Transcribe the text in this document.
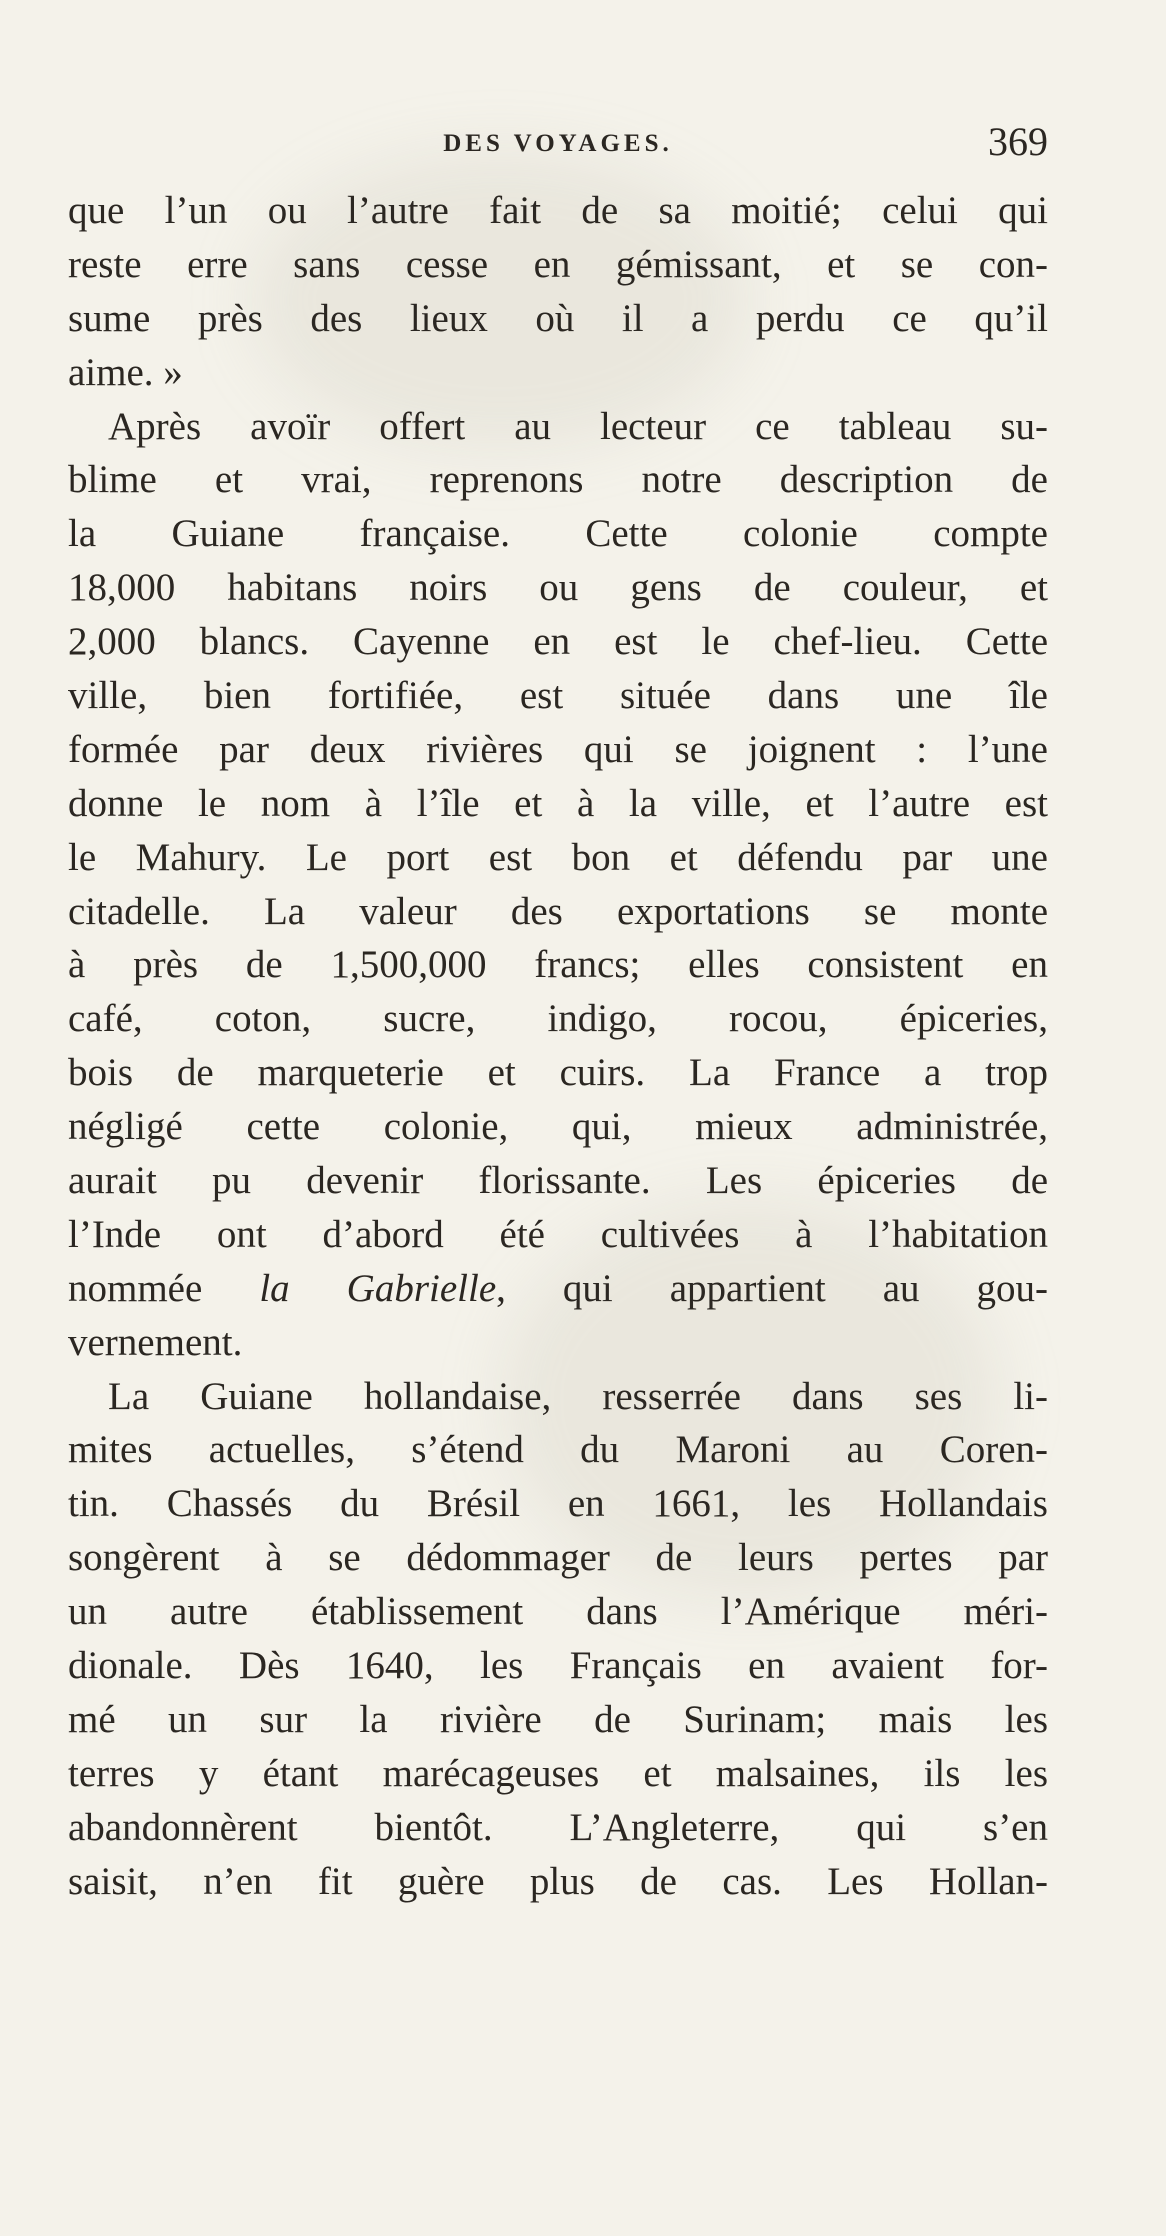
DES VOYAGES.	369
que l’un ou l’autre fait de sa moitié; celui qui
reste erre sans cesse en gémissant, et se con-
sume près des lieux où il a perdu ce qu’il
aime. »
Après avoïr offert au lecteur ce tableau su-
blime et vrai, reprenons notre description de
la Guiane française. Cette colonie compte
18,000 habitans noirs ou gens de couleur, et
2,000 blancs. Cayenne en est le chef-lieu. Cette
ville, bien fortifiée, est située dans une île
formée par deux rivières qui se joignent : l’une
donne le nom à l’île et à la ville, et l’autre est
le Mahury. Le port est bon et défendu par une
citadelle. La valeur des exportations se monte
à près de 1,500,000 francs; elles consistent en
café, coton, sucre, indigo, rocou, épiceries,
bois de marqueterie et cuirs. La France a trop
négligé cette colonie, qui, mieux administrée,
aurait pu devenir florissante. Les épiceries de
l’Inde ont d’abord été cultivées à l’habitation
nommée la Gabrielle, qui appartient au gou-
vernement.
La Guiane hollandaise, resserrée dans ses li-
mites actuelles, s’étend du Maroni au Coren-
tin. Chassés du Brésil en 1661, les Hollandais
songèrent à se dédommager de leurs pertes par
un autre établissement dans l’Amérique méri-
dionale. Dès 1640, les Français en avaient for-
mé un sur la rivière de Surinam; mais les
terres y étant marécageuses et malsaines, ils les
abandonnèrent bientôt. L’Angleterre, qui s’en
saisit, n’en fit guère plus de cas. Les Hollan-
